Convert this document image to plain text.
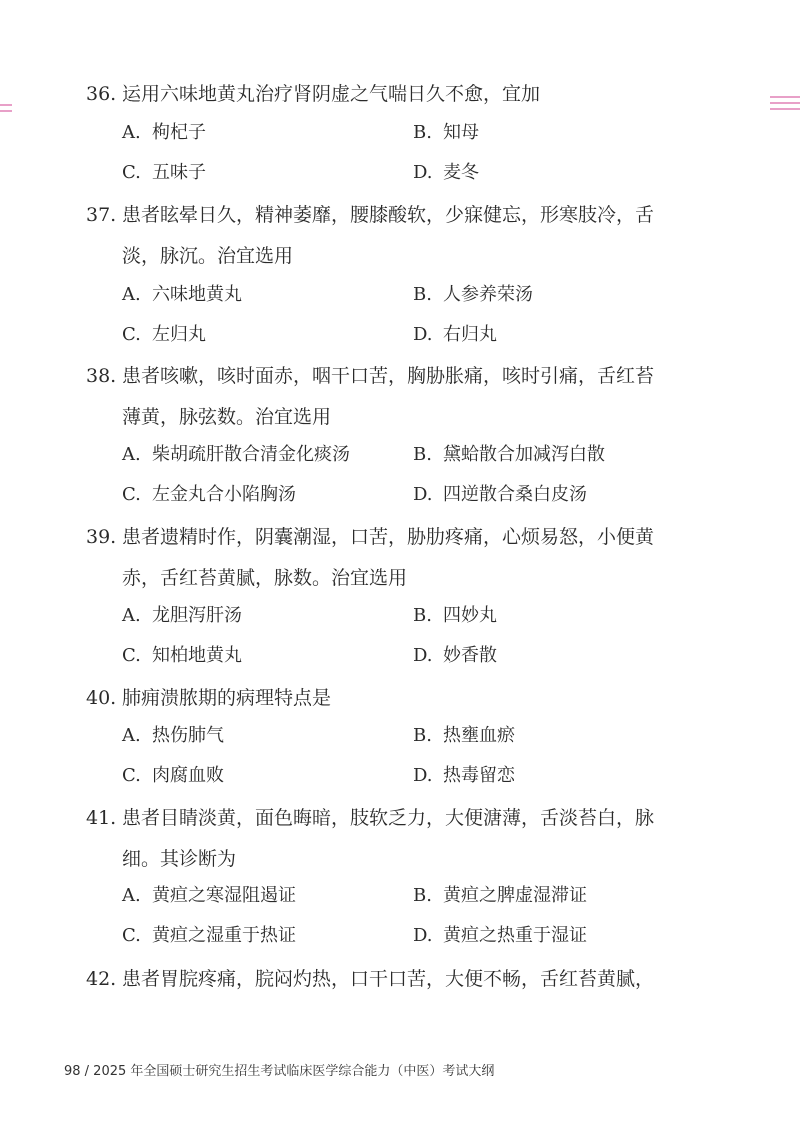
36. 运用六味地黄丸治疗肾阴虚之气喘日久不愈，宜加
A. 枸杞子	B. 知母
C. 五味子	D. 麦冬
37. 患者眩晕日久，精神萎靡，腰膝酸软，少寐健忘，形寒肢冷，舌
淡，脉沉。治宜选用
A. 六味地黄丸	B. 人参养荣汤
C. 左归丸	D. 右归丸
38. 患者咳嗽，咳时面赤，咽干口苦，胸胁胀痛，咳时引痛，舌红苔
薄黄，脉弦数。治宜选用
A. 柴胡疏肝散合清金化痰汤	B. 黛蛤散合加减泻白散
C. 左金丸合小陷胸汤	D. 四逆散合桑白皮汤
39. 患者遗精时作，阴囊潮湿，口苦，胁肋疼痛，心烦易怒，小便黄
赤，舌红苔黄腻，脉数。治宜选用
A. 龙胆泻肝汤	B. 四妙丸
C. 知柏地黄丸	D. 妙香散
40. 肺痈溃脓期的病理特点是
A. 热伤肺气	B. 热壅血瘀
C. 肉腐血败	D. 热毒留恋
41. 患者目睛淡黄，面色晦暗，肢软乏力，大便溏薄，舌淡苔白，脉
细。其诊断为
A. 黄疸之寒湿阻遏证	B. 黄疸之脾虚湿滞证
C. 黄疸之湿重于热证	D. 黄疸之热重于湿证
42. 患者胃脘疼痛，脘闷灼热，口干口苦，大便不畅，舌红苔黄腻，
98 / 2025 年全国硕士研究生招生考试临床医学综合能力（中医）考试大纲
